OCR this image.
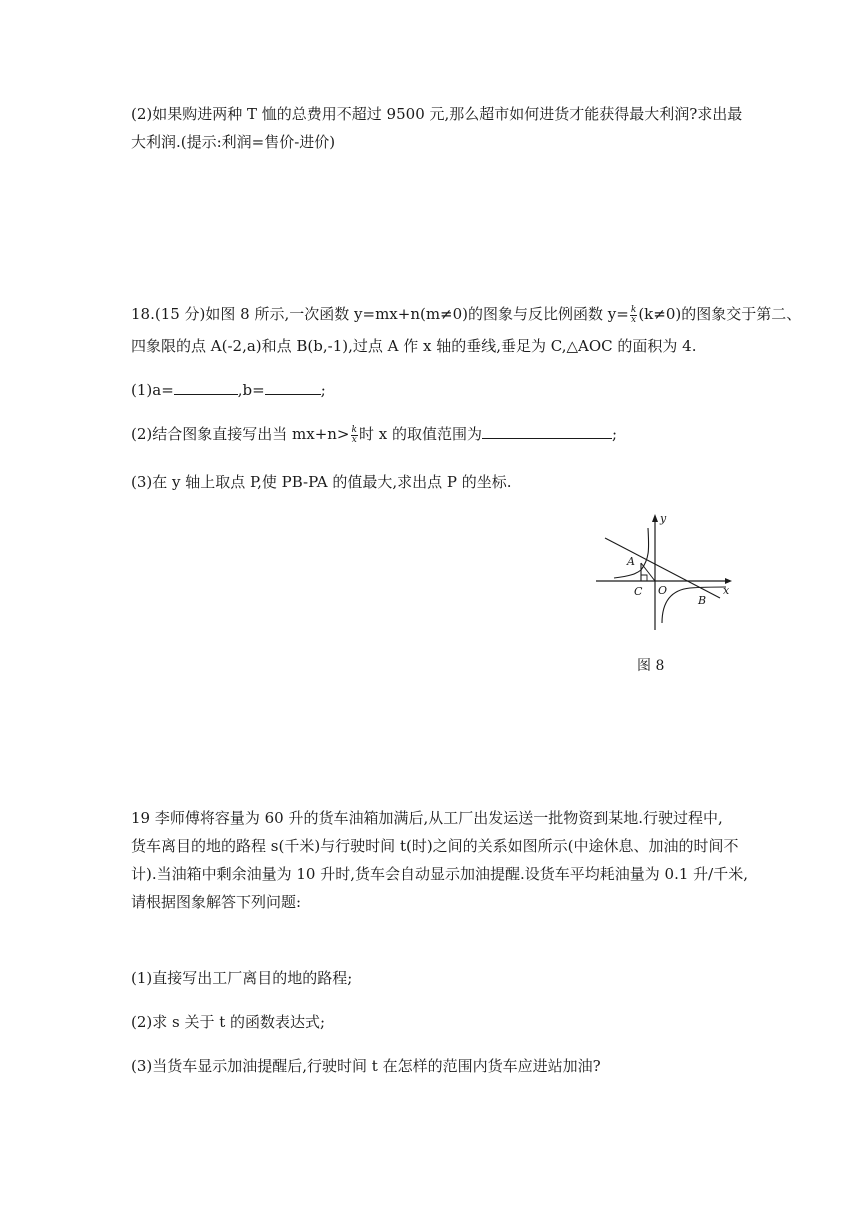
(2)如果购进两种 T 恤的总费用不超过 9500 元,那么超市如何进货才能获得最大利润?求出最
大利润.(提示:利润=售价-进价)
18.(15 分)如图 8 所示,一次函数 y=mx+n(m≠0)的图象与反比例函数 $y= \frac{k}{x} (k\ne 0)$的图象交于第二、
四象限的点 A(-2,a)和点 B(b,-1),过点 A 作 x 轴的垂线,垂足为 C,△AOC 的面积为 4.
(1)a=	,b=	;
(2)结合图象直接写出当 $mx+n> \frac{k}{x}$ 时 x 的取值范围为	;
(3)在 y 轴上取点 P,使 PB-PA 的值最大,求出点 P 的坐标.
y
x
A
B
C O
图 8
19 李师傅将容量为 60 升的货车油箱加满后,从工厂出发运送一批物资到某地.行驶过程中,
货车离目的地的路程 s(千米)与行驶时间 t(时)之间的关系如图所示(中途休息、加油的时间不
计).当油箱中剩余油量为 10 升时,货车会自动显示加油提醒.设货车平均耗油量为 0.1 升/千米,
请根据图象解答下列问题:
(1)直接写出工厂离目的地的路程;
(2)求 s 关于 t 的函数表达式;
(3)当货车显示加油提醒后,行驶时间 t 在怎样的范围内货车应进站加油?
